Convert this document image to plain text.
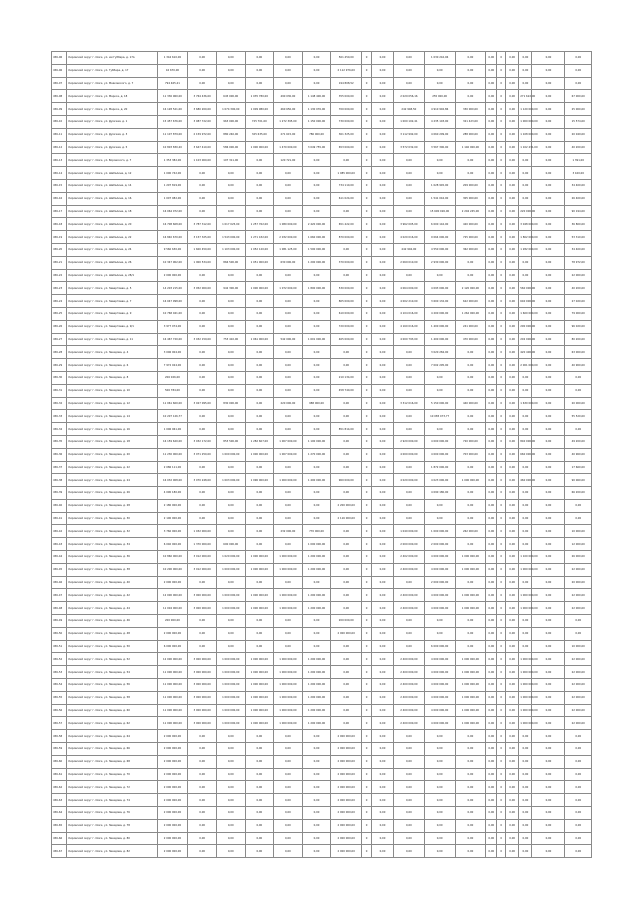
456-06	Кировский округ г. Омск, ул. им Губбера, д. 17А	1 344 610,00	0,00	0,00	0,00	0,00	0,00	561 450,00	0	0,00	0,00	1 030 242,06	0,00	0,00	0	0,00	0,00	0,00	0,00
456-06	Кировский округ г. Омск, ул. Губбера, д. 17	16 670,00	0,00	0,00	0,00	0,00	0,00	2 112 976,00	0	0,00	0,00	0,00	0,00	0,00	0	0,00	0,00	0,00	0,00
456-07	Кировский округ г. Омск, ул. Маяковского, д. 7	794 465,21	0,00	0,00	0,00	0,00	0,00	194 808,52	0	0,00	0,00	0,00	0,00	0,00	0	0,00	0,00	0,00	0,00
456-08	Кировский округ г. Омск, ул. Маркса, д. 18	11 336 960,00	3 764 436,00	645 000,00	1 035 780,00	490 030,00	1 148 400,00	355 000,00	0	0,00	2 029 056,16	255 000,00	0,00	0,00	0	0,00	271 622,00	0,00	67 000,00
456-09	Кировский округ г. Омск, ул. Маркса, д. 20	16 128 521,00	3 680 200,00	1 074 300,00	1 009 980,00	460 650,00	1 130 076,00	700 000,00	0	0,00	242 948,50	4 910 902,86	330 000,00	0,00	0	0,00	1 120 000,00	0,00	25 000,00
456-10	Кировский округ г. Омск, ул. Думская, д. 1	15 457 676,00	3 087 722,00	963 000,00	725 701,00	1 272 395,00	1 150 000,00	730 000,00	0	0,00	1 000 102,41	4 235 103,00	321 423,00	0,00	0	0,00	1 000 000,00	0,00	15 574,00
456-11	Кировский округ г. Омск, ул. Думская, д. 3	11 107 879,00	2 159 972,00	880 240,00	325 635,00	271 615,00	786 000,00	361 325,00	0	0,00	3 112 992,00	4 060 209,00	288 000,00	0,00	0	0,00	1 108 000,00	0,00	20 049,00
456-12	Кировский округ г. Омск, ул. Думская, д. 5	10 803 830,20	3 647 410,00	586 000,00	1 000 000,00	1 470 000,00	3 049 755,00	653 000,00	0	0,00	3 572 032,00	3 567 300,00	1 140 000,00	0,00	0	0,00	1 102 431,00	0,00	40 200,00
456-13	Кировский округ г. Омск, ул. Воровского, д. 7	1 353 382,00	1 103 000,00	107 311,00	0,00	120 721,00	0,00	0,00	0	0,00	0,00	0,00	0,00	0,00	0	0,00	0,00	0,00	1 391,00
456-14	Кировский округ г. Омск, ул. Шебалина, д. 12	1 000 742,00	0,00	0,00	0,00	0,00	0,00	1 085 000,00	0	0,00	0,00	0,00	0,00	0,00	0	0,00	0,00	0,00	3 160,00
456-15	Кировский округ г. Омск, ул. Шебалина, д. 14	1 297 819,00	0,00	0,00	0,00	0,00	0,00	734 110,00	0	0,00	0,00	1 028 945,00	209 000,00	0,00	0	0,00	0,00	0,00	34 400,00
456-16	Кировский округ г. Омск, ул. Шебалина, д. 16	1 007 082,00	0,00	0,00	0,00	0,00	0,00	611 024,00	0	0,00	0,00	1 541 016,00	305 000,00	0,00	0	0,00	0,00	0,00	26 400,00
456-17	Кировский округ г. Омск, ул. Шебалина, д. 18	16 064 072,00	0,00	0,00	0,00	0,00	0,00	0,00	0	0,00	0,00	15 690 026,00	2 204 245,00	0,00	0	0,00	220 000,00	0,00	90 194,00
456-18	Кировский округ г. Омск, ул. Шебалина, д. 20	16 708 608,00	3 787 312,00	1 017 025,00	1 257 762,00	1 080 000,00	2 420 000,00	651 422,00	0	0,00	3 962 005,00	6 000 142,00	420 000,00	0,00	0	0,00	3 048 000,00	0,00	36 800,00
456-19	Кировский округ г. Омск, ул. Шебалина, д. 22	16 840 670,00	3 157 325,00	1 543 000,00	1 271 432,00	2 032 000,00	1 660 000,00	870 000,00	0	0,00	4 020 016,00	9 064 000,00	725 000,00	0,00	0	0,00	1 802 000,00	0,00	53 310,00
456-20	Кировский округ г. Омск, ул. Шебалина, д. 24	9 560 630,00	1 600 450,00	1 103 000,00	1 052 120,00	1 081 125,00	1 500 000,00	0,00	0	0,00	442 904,00	4 550 000,00	362 000,00	0,00	0	0,00	1 282 000,00	0,00	34 400,00
456-21	Кировский округ г. Омск, ул. Шебалина, д. 26	10 347 902,00	1 900 534,00	866 500,00	1 051 000,00	630 000,00	1 200 000,00	370 000,00	0	0,00	2 069 010,00	2 930 000,00	0,00	0,00	0	0,00	0,00	0,00	78 972,00
456-22	Кировский округ г. Омск, ул. Шебалина, д. 28/1	2 000 000,00	0,00	0,00	0,00	0,00	0,00	0,00	0	0,00	0,00	0,00	0,00	0,00	0	0,00	0,00	0,00	22 000,00
456-23	Кировский округ г. Омск, ул. Завертяева, д. 5	14 203 215,00	3 052 000,00	942 300,00	1 000 000,00	1 072 000,00	1 800 000,00	530 000,00	0	0,00	4 064 000,00	4 093 000,00	2 120 000,00	0,00	0	0,00	560 000,00	0,00	40 200,00
456-24	Кировский округ г. Омск, ул. Завертяева, д. 7	16 047 998,00	0,00	0,00	0,00	0,00	0,00	805 000,00	0	0,00	4 002 210,00	3 600 132,00	622 000,00	0,00	0	0,00	640 000,00	0,00	27 020,00
456-25	Кировский округ г. Омск, ул. Завертяева, д. 9	10 768 041,00	0,00	0,00	0,00	0,00	0,00	610 000,00	0	0,00	4 104 016,00	4 200 000,00	1 262 000,00	0,00	0	0,00	1 600 000,00	0,00	79 000,00
456-26	Кировский округ г. Омск, ул. Завертяева, д. 9/1	3 977 074,00	0,00	0,00	0,00	0,00	0,00	720 000,00	0	0,00	4 160 016,00	1 400 000,00	241 000,00	0,00	0	0,00	290 000,00	0,00	96 020,00
456-27	Кировский округ г. Омск, ул. Завертяева, д. 11	16 467 720,00	3 032 159,00	753 410,00	1 061 000,00	542 000,00	1 601 000,00	465 000,00	0	0,00	4 000 793,00	1 400 000,00	470 000,00	0,00	0	0,00	202 000,00	0,00	80 200,00
456-28	Кировский округ г. Омск, ул. Звездова, д. 4	3 006 004,00	0,00	0,00	0,00	0,00	0,00	0,00	0	0,00	0,00	3 020 284,00	0,00	0,00	0	0,00	420 400,00	0,00	63 000,00
456-29	Кировский округ г. Омск, ул. Звездова, д. 6	7 972 024,00	0,00	0,00	0,00	0,00	0,00	0,00	0	0,00	0,00	7 002 295,00	0,00	0,00	0	0,00	2 001 000,00	0,00	40 900,00
456-30	Кировский округ г. Омск, ул. Звездова, д. 8	206 026,00	0,00	0,00	0,00	0,00	0,00	210 134,00	0	0,00	0,00	0,00	0,00	0,00	0	0,00	0,00	0,00	0,00
456-31	Кировский округ г. Омск, ул. Звездова, д. 10	506 784,00	0,00	0,00	0,00	0,00	0,00	458 740,00	0	0,00	0,00	0,00	0,00	0,00	0	0,00	0,00	0,00	0,00
456-32	Кировский округ г. Омск, ул. Звездова, д. 12	11 061 600,00	3 027 095,00	830 000,00	0,00	220 000,00	988 000,00	0,00	0	0,00	3 312 016,00	5 150 000,00	440 000,00	0,00	0	0,00	1 630 000,00	0,00	20 000,00
456-33	Кировский округ г. Омск, ул. Звездова, д. 14	10 207 126,77	0,00	0,00	0,00	0,00	0,00	0,00	0	0,00	0,00	10 085 073,77	0,00	0,00	0	0,00	0,00	0,00	55 520,00
456-34	Кировский округ г. Омск, ул. Звездова, д. 16	1 006 061,00	0,00	0,00	0,00	0,00	0,00	851 814,00	0	0,00	0,00	0,00	0,00	0,00	0	0,00	0,00	0,00	0,00
456-35	Кировский округ г. Омск, ул. Звездова, д. 18	16 159 620,00	3 032 172,00	853 500,00	1 282 607,00	1 007 000,00	1 100 000,00	0,00	0	0,00	2 920 000,00	4 000 000,00	720 000,00	0,00	0	0,00	840 000,00	0,00	49 200,00
456-36	Кировский округ г. Омск, ул. Звездова, д. 20	11 230 000,00	3 071 250,00	1 000 000,00	1 000 000,00	1 007 000,00	1 270 000,00	0,00	0	0,00	4 000 000,00	4 000 000,00	703 000,00	0,00	0	0,00	660 000,00	0,00	40 960,00
456-37	Кировский округ г. Омск, ул. Звездова, д. 22	2 086 111,00	0,00	0,00	0,00	0,00	0,00	0,00	0	0,00	0,00	1 872 000,00	0,00	0,00	0	0,00	0,00	0,00	17 660,00
456-38	Кировский округ г. Омск, ул. Звездова, д. 24	16 032 008,00	3 070 248,00	1 003 000,00	1 096 000,00	1 000 000,00	1 400 000,00	960 000,00	0	0,00	4 020 000,00	4 023 000,00	1 000 000,00	0,00	0	0,00	460 000,00	0,00	90 060,00
456-39	Кировский округ г. Омск, ул. Звездова, д. 26	4 090 180,00	0,00	0,00	0,00	0,00	0,00	0,00	0	0,00	0,00	4 090 180,00	0,00	0,00	0	0,00	0,00	0,00	66 200,00
456-40	Кировский округ г. Омск, ул. Звездова, д. 28	2 180 000,00	0,00	0,00	0,00	0,00	0,00	2 200 000,00	0	0,00	0,00	0,00	0,00	0,00	0	0,00	0,00	0,00	0,00
456-41	Кировский округ г. Омск, ул. Звездова, д. 30	2 100 000,00	0,00	0,00	0,00	0,00	0,00	2 116 000,00	0	0,00	0,00	0,00	0,00	0,00	0	0,00	0,00	0,00	0,00
456-42	Кировский округ г. Омск, ул. Звездова, д. 32	3 760 000,00	1 032 000,00	0,00	0,00	232 000,00	770 000,00	0,00	0	0,00	1 040 000,00	1 000 000,00	262 000,00	0,00	0	0,00	0,00	0,00	10 000,00
456-43	Кировский округ г. Омск, ул. Звездова, д. 34	6 040 000,00	1 370 000,00	600 000,00	0,00	0,00	1 000 000,00	0,00	0	0,00	2 000 000,00	2 000 000,00	0,00	0,00	0	0,00	0,00	0,00	12 000,00
456-44	Кировский округ г. Омск, ул. Звездова, д. 36	10 860 000,00	3 012 000,00	1 020 000,00	1 000 000,00	1 000 000,00	1 200 000,00	0,00	0	0,00	2 402 000,00	4 000 000,00	1 000 000,00	0,00	0	0,00	1 100 000,00	0,00	26 000,00
456-45	Кировский округ г. Омск, ул. Звездова, д. 38	10 200 000,00	3 012 000,00	1 000 000,00	1 000 000,00	1 000 000,00	1 200 000,00	0,00	0	0,00	2 400 000,00	4 000 000,00	1 000 000,00	0,00	0	0,00	1 000 000,00	0,00	22 000,00
456-46	Кировский округ г. Омск, ул. Звездова, д. 40	2 000 000,00	0,00	0,00	0,00	0,00	0,00	0,00	0	0,00	0,00	2 000 000,00	0,00	0,00	0	0,00	0,00	0,00	20 000,00
456-47	Кировский округ г. Омск, ул. Звездова, д. 42	12 000 000,00	3 000 000,00	1 000 000,00	1 000 000,00	1 000 000,00	1 200 000,00	0,00	0	0,00	2 400 000,00	4 000 000,00	1 000 000,00	0,00	0	0,00	1 000 000,00	0,00	22 000,00
456-48	Кировский округ г. Омск, ул. Звездова, д. 44	11 004 000,00	3 000 000,00	1 000 000,00	1 000 000,00	1 000 000,00	1 200 000,00	0,00	0	0,00	2 400 000,00	4 000 000,00	1 000 000,00	0,00	0	0,00	1 000 000,00	0,00	22 000,00
456-49	Кировский округ г. Омск, ул. Звездова, д. 46	200 000,00	0,00	0,00	0,00	0,00	0,00	200 000,00	0	0,00	0,00	0,00	0,00	0,00	0	0,00	0,00	0,00	0,00
456-50	Кировский округ г. Омск, ул. Звездова, д. 48	2 000 000,00	0,00	0,00	0,00	0,00	0,00	2 000 000,00	0	0,00	0,00	0,00	0,00	0,00	0	0,00	0,00	0,00	0,00
456-51	Кировский округ г. Омск, ул. Звездова, д. 50	6 000 000,00	0,00	0,00	0,00	0,00	0,00	0,00	0	0,00	0,00	6 000 000,00	0,00	0,00	0	0,00	0,00	0,00	10 000,00
456-52	Кировский округ г. Омск, ул. Звездова, д. 52	12 000 000,00	3 000 000,00	1 000 000,00	1 000 000,00	1 000 000,00	1 200 000,00	0,00	0	0,00	2 400 000,00	4 000 000,00	1 000 000,00	0,00	0	0,00	1 000 000,00	0,00	22 000,00
456-53	Кировский округ г. Омск, ул. Звездова, д. 54	11 000 000,00	3 000 000,00	1 000 000,00	1 000 000,00	1 000 000,00	1 200 000,00	0,00	0	0,00	2 400 000,00	4 000 000,00	1 000 000,00	0,00	0	0,00	1 000 000,00	0,00	22 000,00
456-54	Кировский округ г. Омск, ул. Звездова, д. 56	11 000 000,00	3 000 000,00	1 000 000,00	1 000 000,00	1 000 000,00	1 200 000,00	0,00	0	0,00	2 400 000,00	4 000 000,00	1 000 000,00	0,00	0	0,00	1 000 000,00	0,00	22 000,00
456-55	Кировский округ г. Омск, ул. Звездова, д. 58	11 000 000,00	3 000 000,00	1 000 000,00	1 000 000,00	1 000 000,00	1 200 000,00	0,00	0	0,00	2 400 000,00	4 000 000,00	1 000 000,00	0,00	0	0,00	1 000 000,00	0,00	22 000,00
456-56	Кировский округ г. Омск, ул. Звездова, д. 60	11 000 000,00	3 000 000,00	1 000 000,00	1 000 000,00	1 000 000,00	1 200 000,00	0,00	0	0,00	2 400 000,00	4 000 000,00	1 000 000,00	0,00	0	0,00	1 000 000,00	0,00	22 000,00
456-57	Кировский округ г. Омск, ул. Звездова, д. 62	11 000 000,00	3 000 000,00	1 000 000,00	1 000 000,00	1 000 000,00	1 200 000,00	0,00	0	0,00	2 400 000,00	4 000 000,00	1 000 000,00	0,00	0	0,00	1 000 000,00	0,00	22 000,00
456-58	Кировский округ г. Омск, ул. Звездова, д. 64	2 000 000,00	0,00	0,00	0,00	0,00	0,00	2 000 000,00	0	0,00	0,00	0,00	0,00	0,00	0	0,00	0,00	0,00	0,00
456-59	Кировский округ г. Омск, ул. Звездова, д. 66	2 000 000,00	0,00	0,00	0,00	0,00	0,00	2 000 000,00	0	0,00	0,00	0,00	0,00	0,00	0	0,00	0,00	0,00	0,00
456-60	Кировский округ г. Омск, ул. Звездова, д. 68	2 000 000,00	0,00	0,00	0,00	0,00	0,00	2 000 000,00	0	0,00	0,00	0,00	0,00	0,00	0	0,00	0,00	0,00	0,00
456-61	Кировский округ г. Омск, ул. Звездова, д. 70	2 000 000,00	0,00	0,00	0,00	0,00	0,00	2 000 000,00	0	0,00	0,00	0,00	0,00	0,00	0	0,00	0,00	0,00	0,00
456-62	Кировский округ г. Омск, ул. Звездова, д. 72	2 000 000,00	0,00	0,00	0,00	0,00	0,00	2 000 000,00	0	0,00	0,00	0,00	0,00	0,00	0	0,00	0,00	0,00	0,00
456-63	Кировский округ г. Омск, ул. Звездова, д. 74	2 000 000,00	0,00	0,00	0,00	0,00	0,00	2 000 000,00	0	0,00	0,00	0,00	0,00	0,00	0	0,00	0,00	0,00	0,00
456-64	Кировский округ г. Омск, ул. Звездова, д. 76	2 000 000,00	0,00	0,00	0,00	0,00	0,00	2 000 000,00	0	0,00	0,00	0,00	0,00	0,00	0	0,00	0,00	0,00	0,00
456-65	Кировский округ г. Омск, ул. Звездова, д. 78	2 000 000,00	0,00	0,00	0,00	0,00	0,00	2 000 000,00	0	0,00	0,00	0,00	0,00	0,00	0	0,00	0,00	0,00	0,00
456-66	Кировский округ г. Омск, ул. Звездова, д. 80	2 000 000,00	0,00	0,00	0,00	0,00	0,00	2 000 000,00	0	0,00	0,00	0,00	0,00	0,00	0	0,00	0,00	0,00	0,00
456-67	Кировский округ г. Омск, ул. Звездова, д. 82	2 000 000,00	0,00	0,00	0,00	0,00	0,00	2 000 000,00	0	0,00	0,00	0,00	0,00	0,00	0	0,00	0,00	0,00	0,00
